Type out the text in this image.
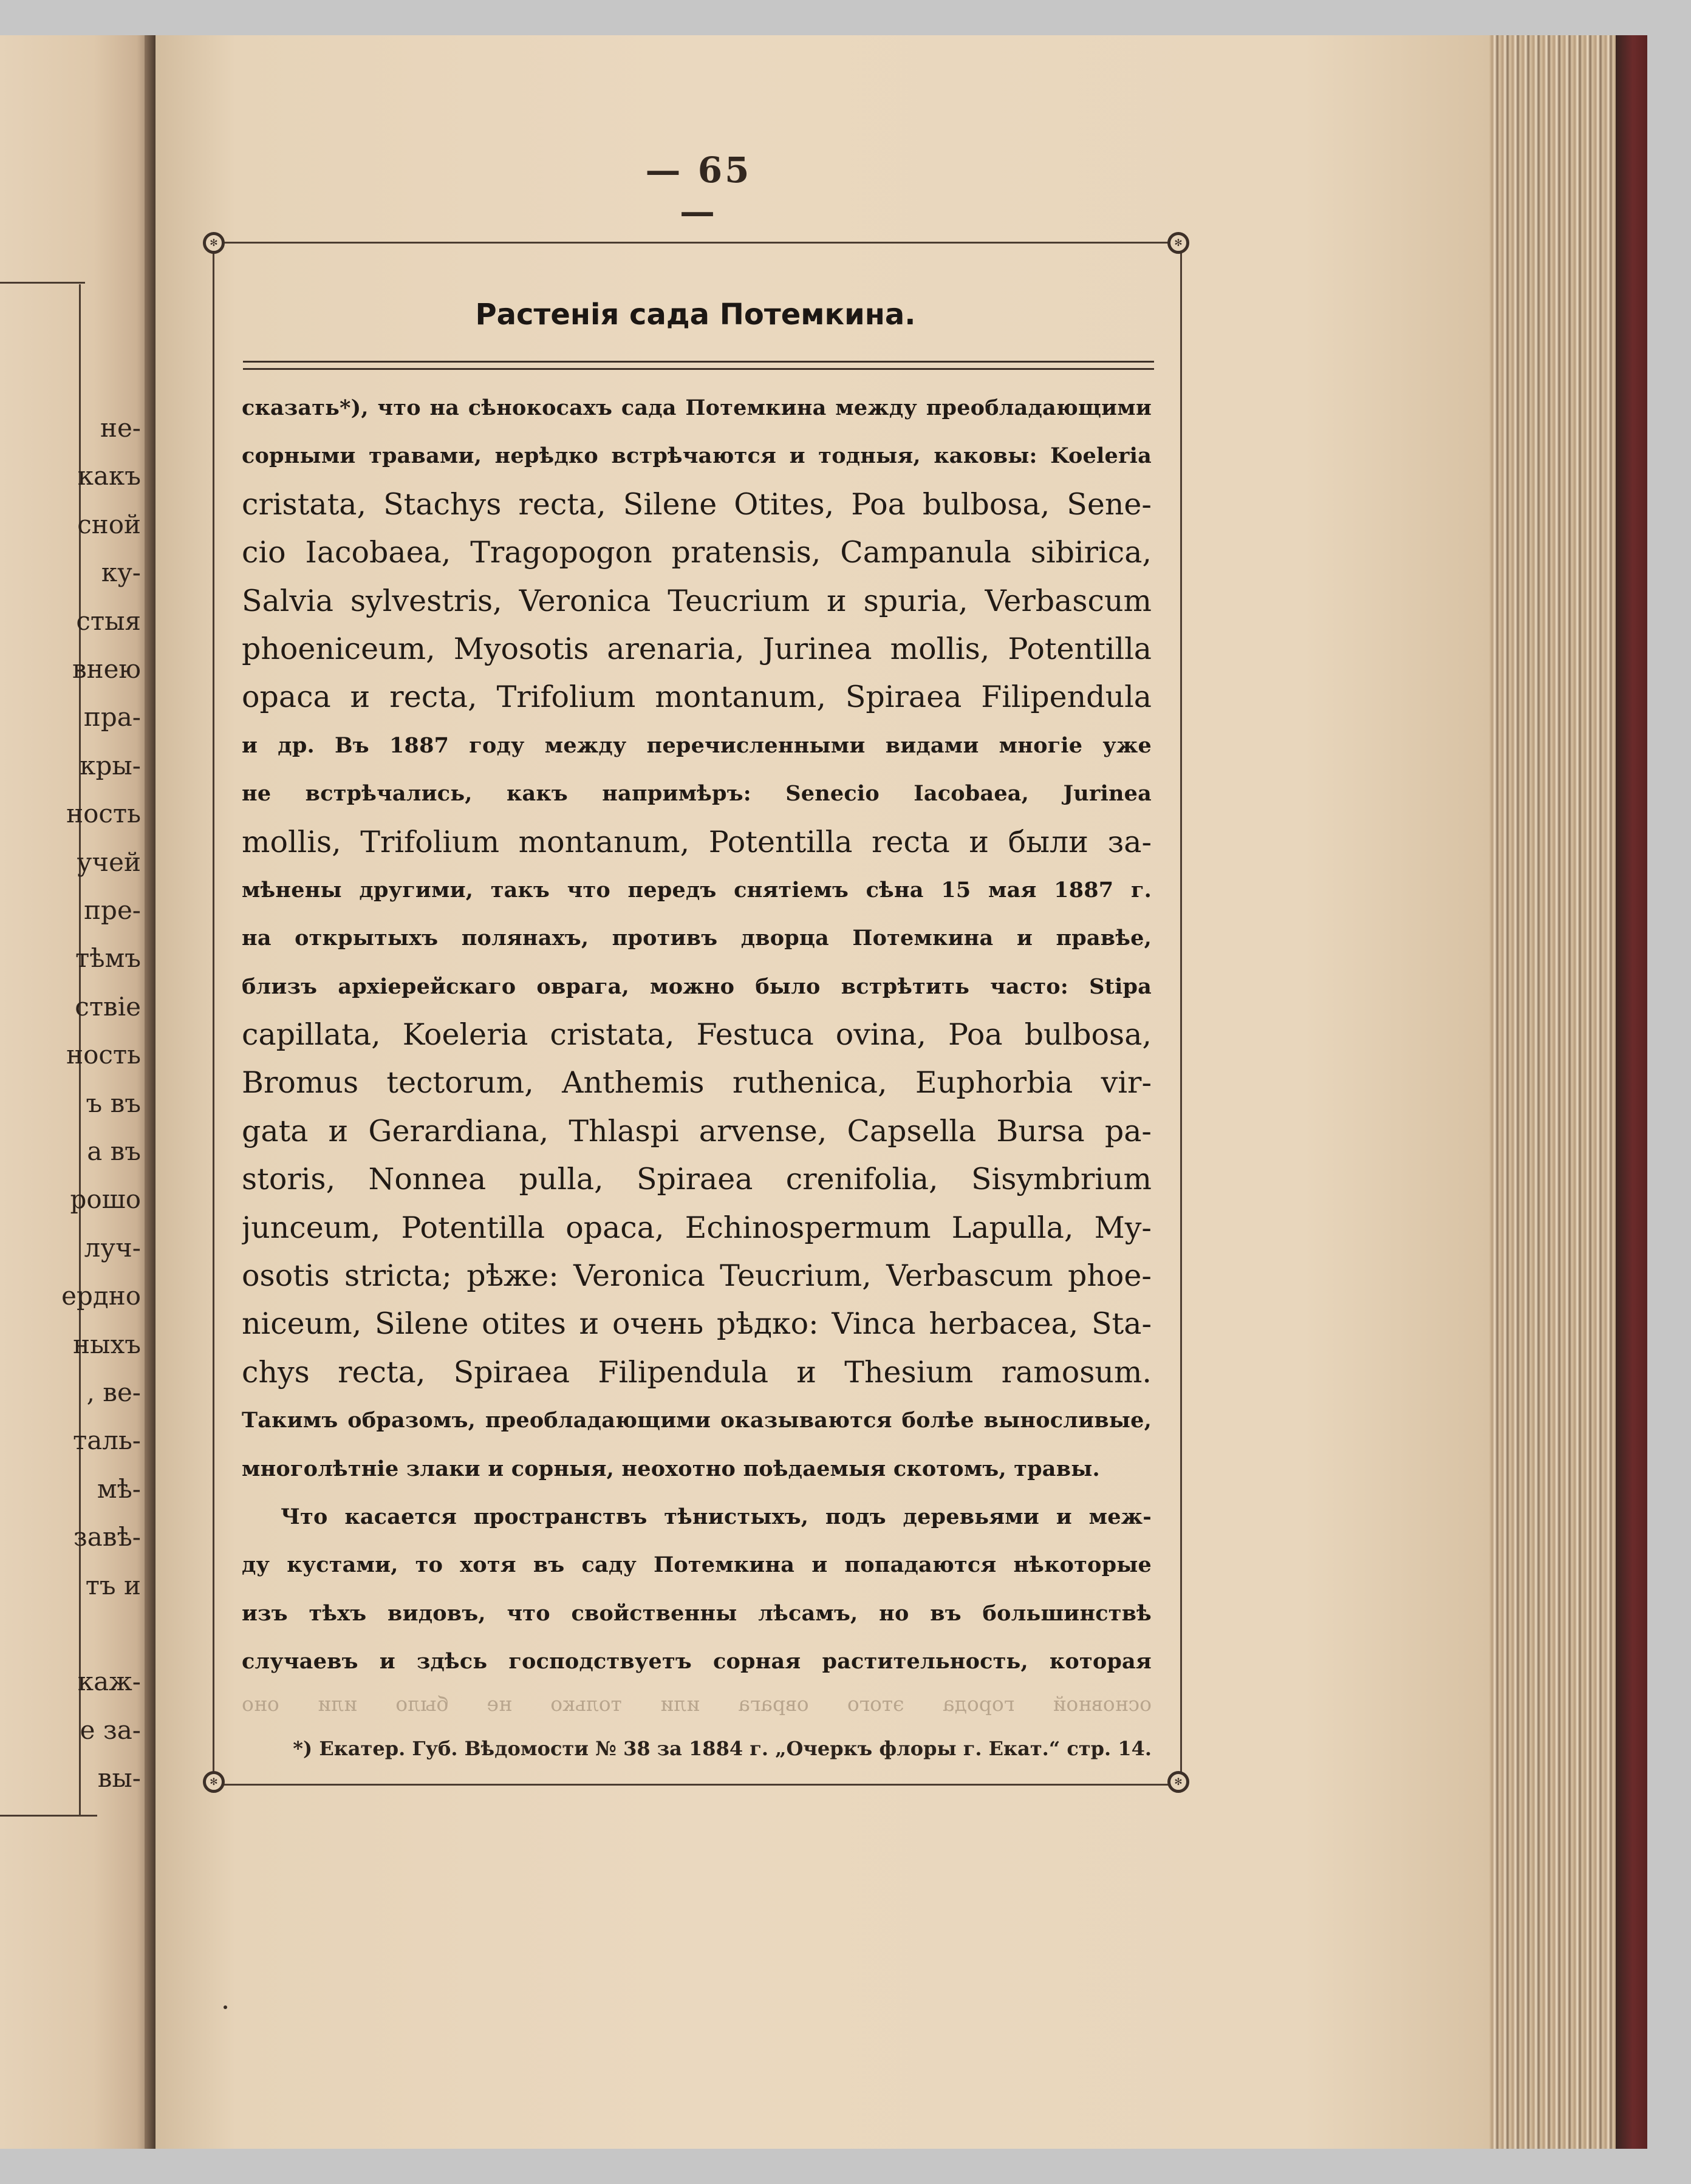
не-
какъ
сной
ку-
стыя
внею
пра-
кры-
ность
учей
пре-
тѣмъ
ствіе
ность
ъ въ
а въ
рошо
луч-
ердно
ныхъ
, ве-
таль-
мѣ-
завѣ-
тъ и
каж-
е за-
вы-
— 65 —
✻	✻
✻	✻
Растенія сада Потемкина.
сказать*), что на сѣнокосахъ сада Потемкина между преобладающими
сорными травами, нерѣдко встрѣчаются и тодныя, каковы: Koeleria
cristata, Stachys recta, Silene Otites, Poa bulbosa, Sene-
cio Iacobaea, Tragopogon pratensis, Campanula sibirica,
Salvia sylvestris, Veronica Teucrium и spuria, Verbascum
phoeniceum, Myosotis arenaria, Jurinea mollis, Potentilla
opaca и recta, Trifolium montanum, Spiraea Filipendula
и др. Въ 1887 году между перечисленными видами многіе уже
не встрѣчались, какъ напримѣръ: Senecio Iacobaea, Jurinea
mollis, Trifolium montanum, Potentilla recta и были за-
мѣнены другими, такъ что передъ снятіемъ сѣна 15 мая 1887 г.
на открытыхъ полянахъ, противъ дворца Потемкина и правѣе,
близъ архіерейскаго оврага, можно было встрѣтить часто: Stipa
capillata, Koeleria cristata, Festuca ovina, Poa bulbosa,
Bromus tectorum, Anthemis ruthenica, Euphorbia vir-
gata и Gerardiana, Thlaspi arvense, Capsella Bursa pa-
storis, Nonnea pulla, Spiraea crenifolia, Sisymbrium
junceum, Potentilla opaca, Echinospermum Lapulla, My-
osotis stricta; рѣже: Veronica Teucrium, Verbascum phoe-
niceum, Silene otites и очень рѣдко: Vinca herbacea, Sta-
chys recta, Spiraea Filipendula и Thesium ramosum.
Такимъ образомъ, преобладающими оказываются болѣе выносливые,
многолѣтніе злаки и сорныя, неохотно поѣдаемыя скотомъ, травы.
Что касается пространствъ тѣнистыхъ, подъ деревьями и меж-
ду кустами, то хотя въ саду Потемкина и попадаются нѣкоторые
изъ тѣхъ видовъ, что свойственны лѣсамъ, но въ большинствѣ
случаевъ и здѣсь господствуетъ сорная растительность, которая

основной города этого оврага или только не было или оно

*) Екатер. Губ. Вѣдомости № 38 за 1884 г. „Очеркъ флоры г. Екат.“ стр. 14.
